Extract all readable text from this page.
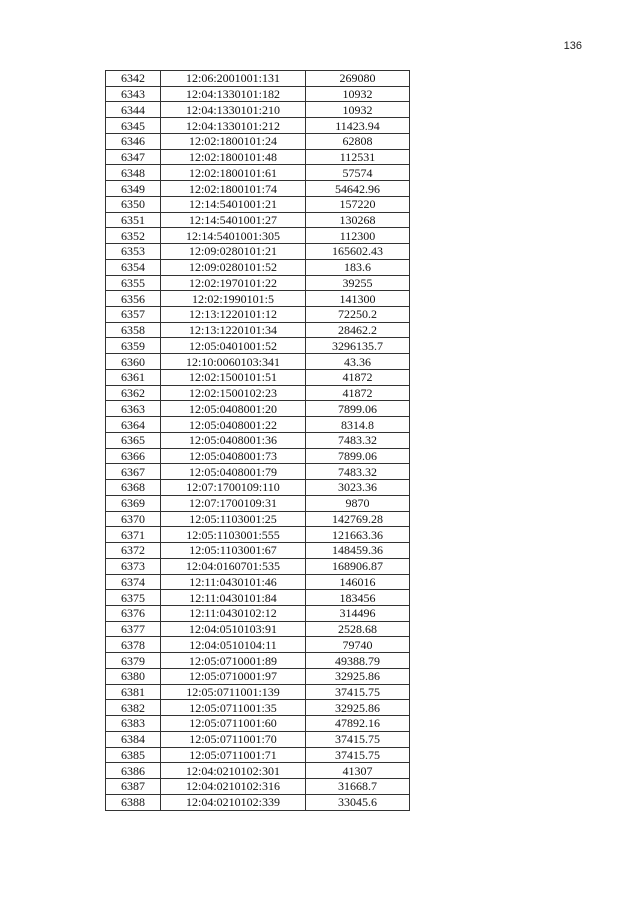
136
6342	12:06:2001001:131	269080
6343	12:04:1330101:182	10932
6344	12:04:1330101:210	10932
6345	12:04:1330101:212	11423.94
6346	12:02:1800101:24	62808
6347	12:02:1800101:48	112531
6348	12:02:1800101:61	57574
6349	12:02:1800101:74	54642.96
6350	12:14:5401001:21	157220
6351	12:14:5401001:27	130268
6352	12:14:5401001:305	112300
6353	12:09:0280101:21	165602.43
6354	12:09:0280101:52	183.6
6355	12:02:1970101:22	39255
6356	12:02:1990101:5	141300
6357	12:13:1220101:12	72250.2
6358	12:13:1220101:34	28462.2
6359	12:05:0401001:52	3296135.7
6360	12:10:0060103:341	43.36
6361	12:02:1500101:51	41872
6362	12:02:1500102:23	41872
6363	12:05:0408001:20	7899.06
6364	12:05:0408001:22	8314.8
6365	12:05:0408001:36	7483.32
6366	12:05:0408001:73	7899.06
6367	12:05:0408001:79	7483.32
6368	12:07:1700109:110	3023.36
6369	12:07:1700109:31	9870
6370	12:05:1103001:25	142769.28
6371	12:05:1103001:555	121663.36
6372	12:05:1103001:67	148459.36
6373	12:04:0160701:535	168906.87
6374	12:11:0430101:46	146016
6375	12:11:0430101:84	183456
6376	12:11:0430102:12	314496
6377	12:04:0510103:91	2528.68
6378	12:04:0510104:11	79740
6379	12:05:0710001:89	49388.79
6380	12:05:0710001:97	32925.86
6381	12:05:0711001:139	37415.75
6382	12:05:0711001:35	32925.86
6383	12:05:0711001:60	47892.16
6384	12:05:0711001:70	37415.75
6385	12:05:0711001:71	37415.75
6386	12:04:0210102:301	41307
6387	12:04:0210102:316	31668.7
6388	12:04:0210102:339	33045.6
